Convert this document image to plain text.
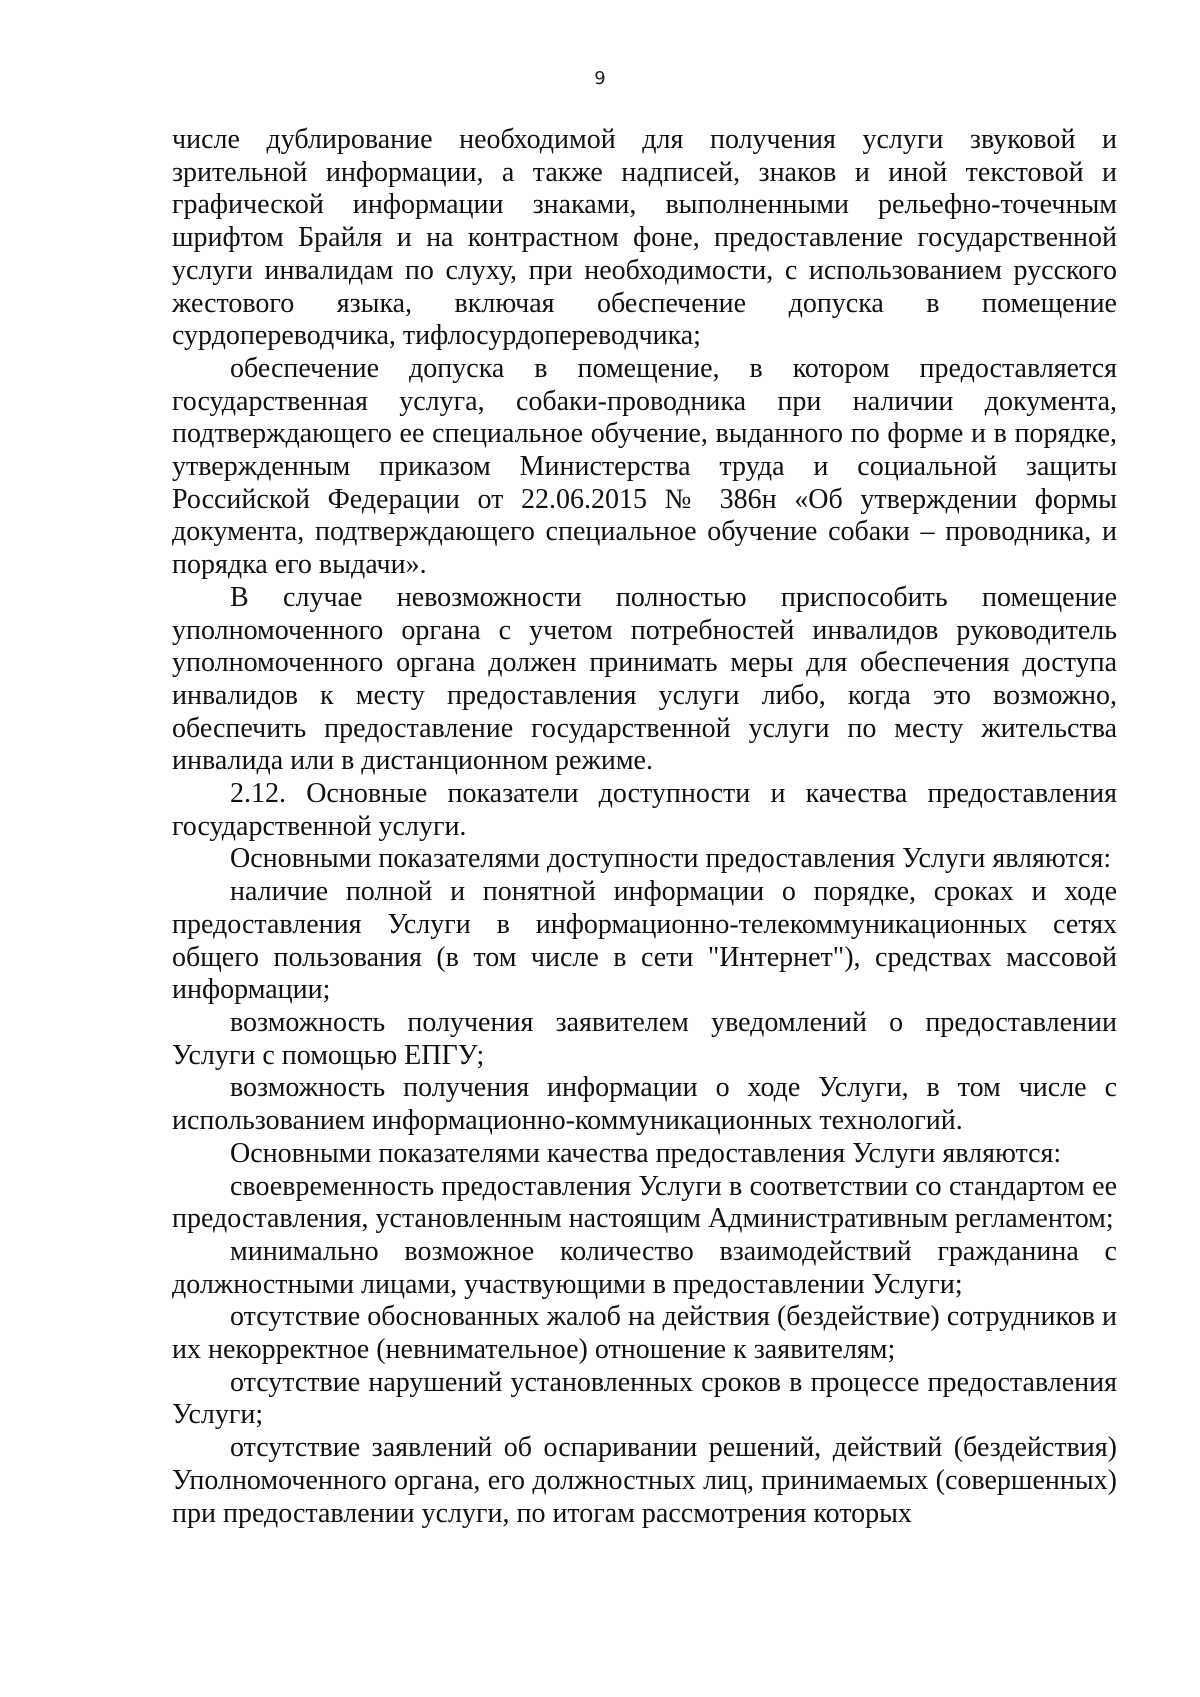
9

числе дублирование необходимой для получения услуги звуковой и зрительной информации, а также надписей, знаков и иной текстовой и графической информации знаками, выполненными рельефно-точечным шрифтом Брайля и на контрастном фоне, предоставление государственной услуги инвалидам по слуху, при необходимости, с использованием русского жестового языка, включая обеспечение допуска в помещение сурдопереводчика, тифлосурдопереводчика;

обеспечение допуска в помещение, в котором предоставляется государственная услуга, собаки-проводника при наличии документа, подтверждающего ее специальное обучение, выданного по форме и в порядке, утвержденным приказом Министерства труда и социальной защиты Российской Федерации от 22.06.2015 № 386н «Об утверждении формы документа, подтверждающего специальное обучение собаки – проводника, и порядка его выдачи».

В случае невозможности полностью приспособить помещение уполномоченного органа с учетом потребностей инвалидов руководитель уполномоченного органа должен принимать меры для обеспечения доступа инвалидов к месту предоставления услуги либо, когда это возможно, обеспечить предоставление государственной услуги по месту жительства инвалида или в дистанционном режиме.

2.12. Основные показатели доступности и качества предоставления государственной услуги.

Основными показателями доступности предоставления Услуги являются:

наличие полной и понятной информации о порядке, сроках и ходе предоставления Услуги в информационно-телекоммуникационных сетях общего пользования (в том числе в сети "Интернет"), средствах массовой информации;

возможность получения заявителем уведомлений о предоставлении Услуги с помощью ЕПГУ;

возможность получения информации о ходе Услуги, в том числе с использованием информационно-коммуникационных технологий.

Основными показателями качества предоставления Услуги являются:

своевременность предоставления Услуги в соответствии со стандартом ее предоставления, установленным настоящим Административным регламентом;

минимально возможное количество взаимодействий гражданина с должностными лицами, участвующими в предоставлении Услуги;

отсутствие обоснованных жалоб на действия (бездействие) сотрудников и их некорректное (невнимательное) отношение к заявителям;

отсутствие нарушений установленных сроков в процессе предоставления Услуги;

отсутствие заявлений об оспаривании решений, действий (бездействия) Уполномоченного органа, его должностных лиц, принимаемых (совершенных) при предоставлении услуги, по итогам рассмотрения которых
